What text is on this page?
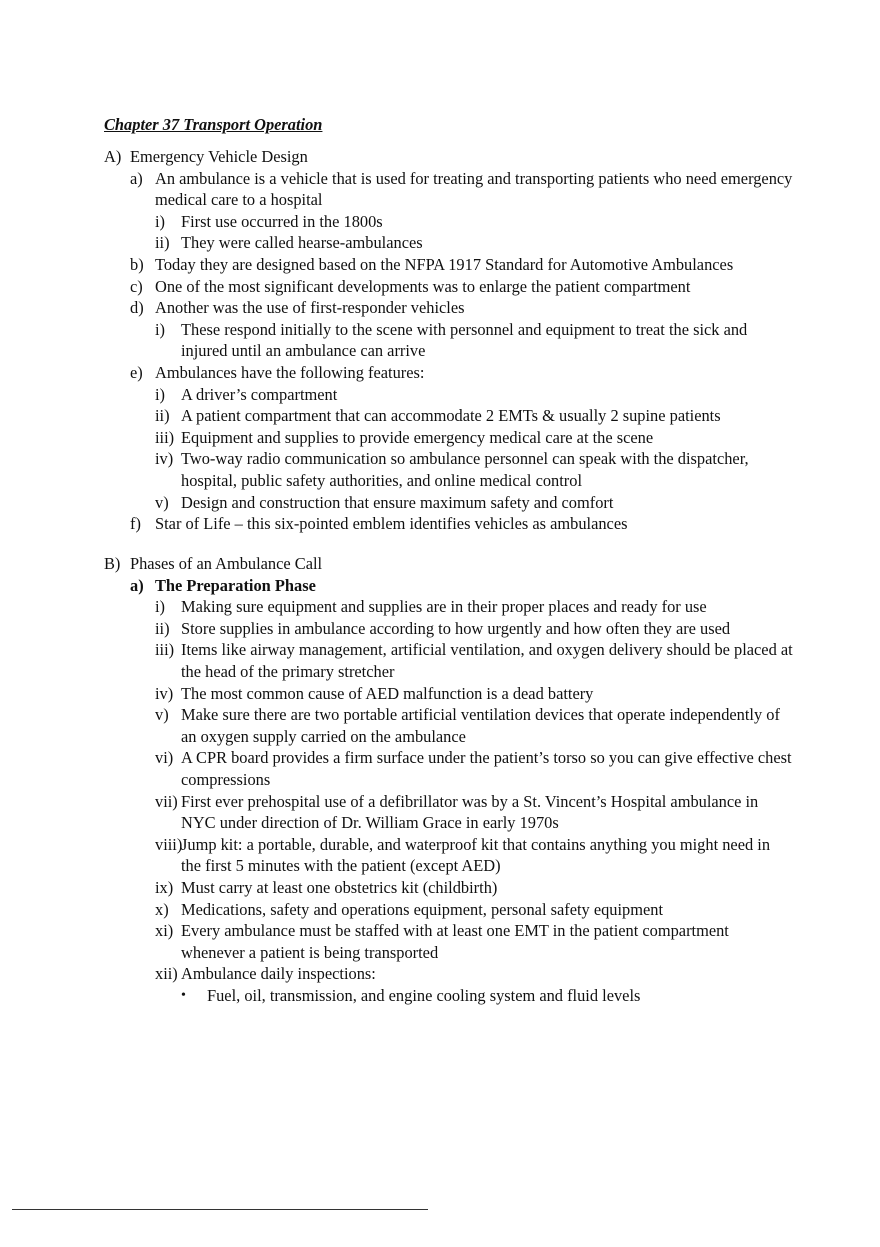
Chapter 37 Transport Operation
A) Emergency Vehicle Design
a) An ambulance is a vehicle that is used for treating and transporting patients who need emergency medical care to a hospital
i) First use occurred in the 1800s
ii) They were called hearse-ambulances
b) Today they are designed based on the NFPA 1917 Standard for Automotive Ambulances
c) One of the most significant developments was to enlarge the patient compartment
d) Another was the use of first-responder vehicles
i) These respond initially to the scene with personnel and equipment to treat the sick and injured until an ambulance can arrive
e) Ambulances have the following features:
i) A driver’s compartment
ii) A patient compartment that can accommodate 2 EMTs & usually 2 supine patients
iii) Equipment and supplies to provide emergency medical care at the scene
iv) Two-way radio communication so ambulance personnel can speak with the dispatcher, hospital, public safety authorities, and online medical control
v) Design and construction that ensure maximum safety and comfort
f) Star of Life – this six-pointed emblem identifies vehicles as ambulances
B) Phases of an Ambulance Call
a) The Preparation Phase
i) Making sure equipment and supplies are in their proper places and ready for use
ii) Store supplies in ambulance according to how urgently and how often they are used
iii) Items like airway management, artificial ventilation, and oxygen delivery should be placed at the head of the primary stretcher
iv) The most common cause of AED malfunction is a dead battery
v) Make sure there are two portable artificial ventilation devices that operate independently of an oxygen supply carried on the ambulance
vi) A CPR board provides a firm surface under the patient’s torso so you can give effective chest compressions
vii) First ever prehospital use of a defibrillator was by a St. Vincent’s Hospital ambulance in NYC under direction of Dr. William Grace in early 1970s
viii)
Jump kit: a portable, durable, and waterproof kit that contains anything you might need in the first 5 minutes with the patient (except AED)
ix) Must carry at least one obstetrics kit (childbirth)
x) Medications, safety and operations equipment, personal safety equipment
xi) Every ambulance must be staffed with at least one EMT in the patient compartment whenever a patient is being transported
xii) Ambulance daily inspections:
• Fuel, oil, transmission, and engine cooling system and fluid levels
